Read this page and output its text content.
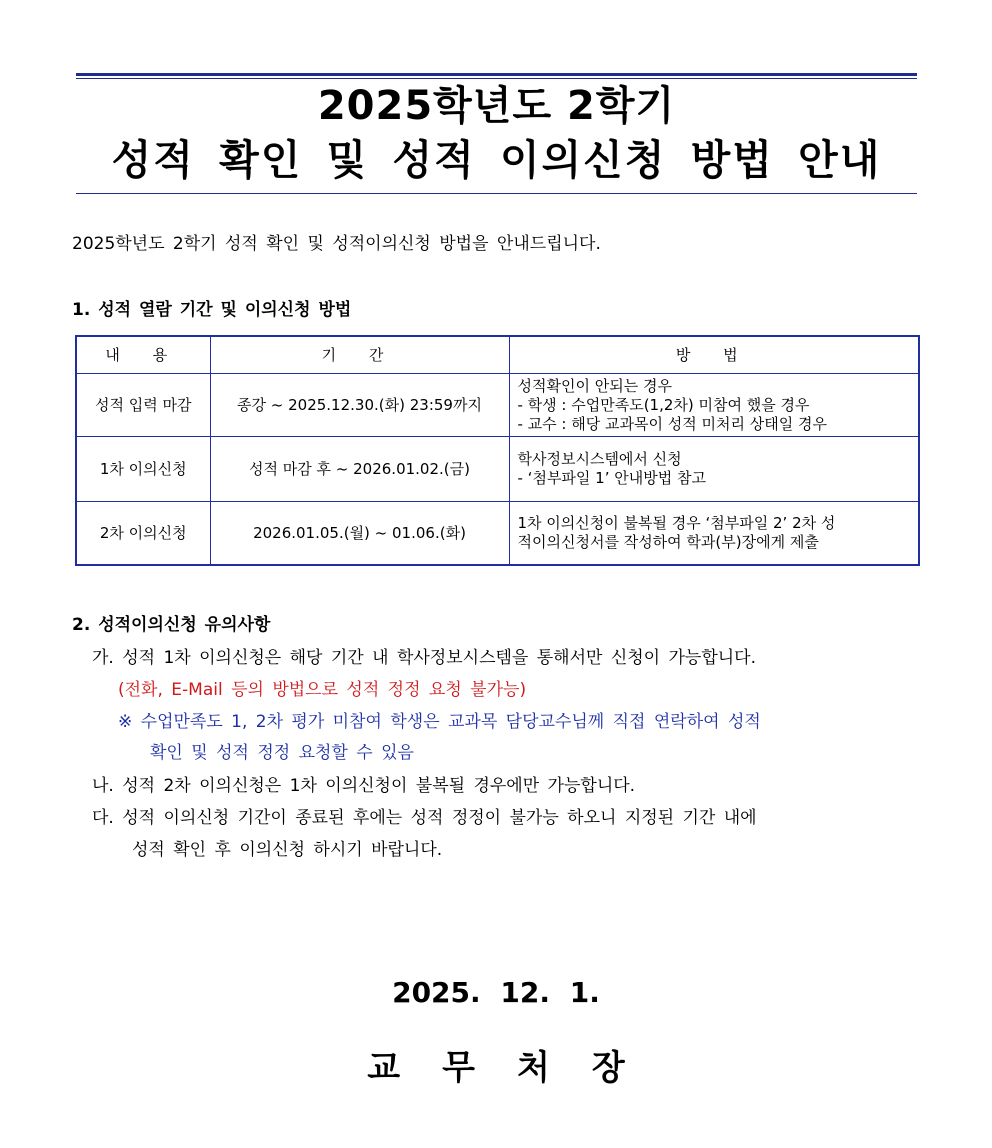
2025학년도 2학기
성적 확인 및 성적 이의신청 방법 안내
2025학년도 2학기 성적 확인 및 성적이의신청 방법을 안내드립니다.
1. 성적 열람 기간 및 이의신청 방법
내 용	기 간	방 법
성적 입력 마감	종강 ~ 2025.12.30.(화) 23:59까지	성적확인이 안되는 경우
- 학생 : 수업만족도(1,2차) 미참여 했을 경우
- 교수 : 해당 교과목이 성적 미처리 상태일 경우

1차 이의신청	성적 마감 후 ~ 2026.01.02.(금)	학사정보시스템에서 신청
- ‘첨부파일 1’ 안내방법 참고

2차 이의신청	2026.01.05.(월) ~ 01.06.(화)	1차 이의신청이 불복될 경우 ‘첨부파일 2’ 2차 성
적이의신청서를 작성하여 학과(부)장에게 제출
2. 성적이의신청 유의사항
가. 성적 1차 이의신청은 해당 기간 내 학사정보시스템을 통해서만 신청이 가능합니다.
(전화, E-Mail 등의 방법으로 성적 정정 요청 불가능)
※ 수업만족도 1, 2차 평가 미참여 학생은 교과목 담당교수님께 직접 연락하여 성적
확인 및 성적 정정 요청할 수 있음
나. 성적 2차 이의신청은 1차 이의신청이 불복될 경우에만 가능합니다.
다. 성적 이의신청 기간이 종료된 후에는 성적 정정이 불가능 하오니 지정된 기간 내에
성적 확인 후 이의신청 하시기 바랍니다.
2025. 12. 1.
교무처장
